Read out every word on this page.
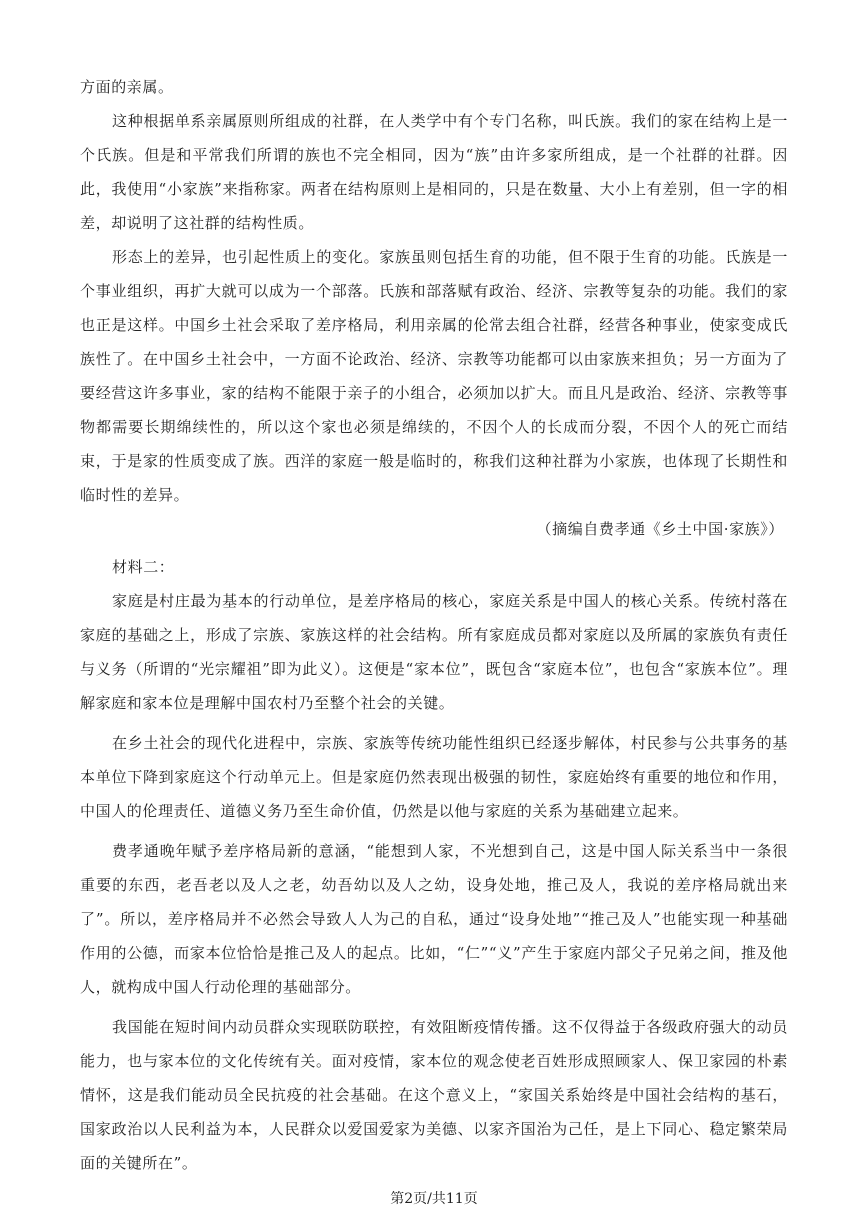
方面的亲属。

这种根据单系亲属原则所组成的社群，在人类学中有个专门名称，叫氏族。我们的家在结构上是一个氏族。但是和平常我们所谓的族也不完全相同，因为“族”由许多家所组成，是一个社群的社群。因此，我使用“小家族”来指称家。两者在结构原则上是相同的，只是在数量、大小上有差别，但一字的相差，却说明了这社群的结构性质。

形态上的差异，也引起性质上的变化。家族虽则包括生育的功能，但不限于生育的功能。氏族是一个事业组织，再扩大就可以成为一个部落。氏族和部落赋有政治、经济、宗教等复杂的功能。我们的家也正是这样。中国乡土社会采取了差序格局，利用亲属的伦常去组合社群，经营各种事业，使家变成氏族性了。在中国乡土社会中，一方面不论政治、经济、宗教等功能都可以由家族来担负；另一方面为了要经营这许多事业，家的结构不能限于亲子的小组合，必须加以扩大。而且凡是政治、经济、宗教等事物都需要长期绵续性的，所以这个家也必须是绵续的，不因个人的长成而分裂，不因个人的死亡而结束，于是家的性质变成了族。西洋的家庭一般是临时的，称我们这种社群为小家族，也体现了长期性和临时性的差异。

（摘编自费孝通《乡土中国·家族》）

材料二：

家庭是村庄最为基本的行动单位，是差序格局的核心，家庭关系是中国人的核心关系。传统村落在家庭的基础之上，形成了宗族、家族这样的社会结构。所有家庭成员都对家庭以及所属的家族负有责任与义务（所谓的“光宗耀祖”即为此义）。这便是“家本位”，既包含“家庭本位”，也包含“家族本位”。理解家庭和家本位是理解中国农村乃至整个社会的关键。

在乡土社会的现代化进程中，宗族、家族等传统功能性组织已经逐步解体，村民参与公共事务的基本单位下降到家庭这个行动单元上。但是家庭仍然表现出极强的韧性，家庭始终有重要的地位和作用，中国人的伦理责任、道德义务乃至生命价值，仍然是以他与家庭的关系为基础建立起来。

费孝通晚年赋予差序格局新的意涵，“能想到人家，不光想到自己，这是中国人际关系当中一条很重要的东西，老吾老以及人之老，幼吾幼以及人之幼，设身处地，推己及人，我说的差序格局就出来了”。所以，差序格局并不必然会导致人人为己的自私，通过“设身处地”“推己及人”也能实现一种基础作用的公德，而家本位恰恰是推己及人的起点。比如，“仁”“义”产生于家庭内部父子兄弟之间，推及他人，就构成中国人行动伦理的基础部分。

我国能在短时间内动员群众实现联防联控，有效阻断疫情传播。这不仅得益于各级政府强大的动员能力，也与家本位的文化传统有关。面对疫情，家本位的观念使老百姓形成照顾家人、保卫家园的朴素情怀，这是我们能动员全民抗疫的社会基础。在这个意义上，“家国关系始终是中国社会结构的基石，国家政治以人民利益为本，人民群众以爱国爱家为美德、以家齐国治为己任，是上下同心、稳定繁荣局面的关键所在”。

第2页/共11页
